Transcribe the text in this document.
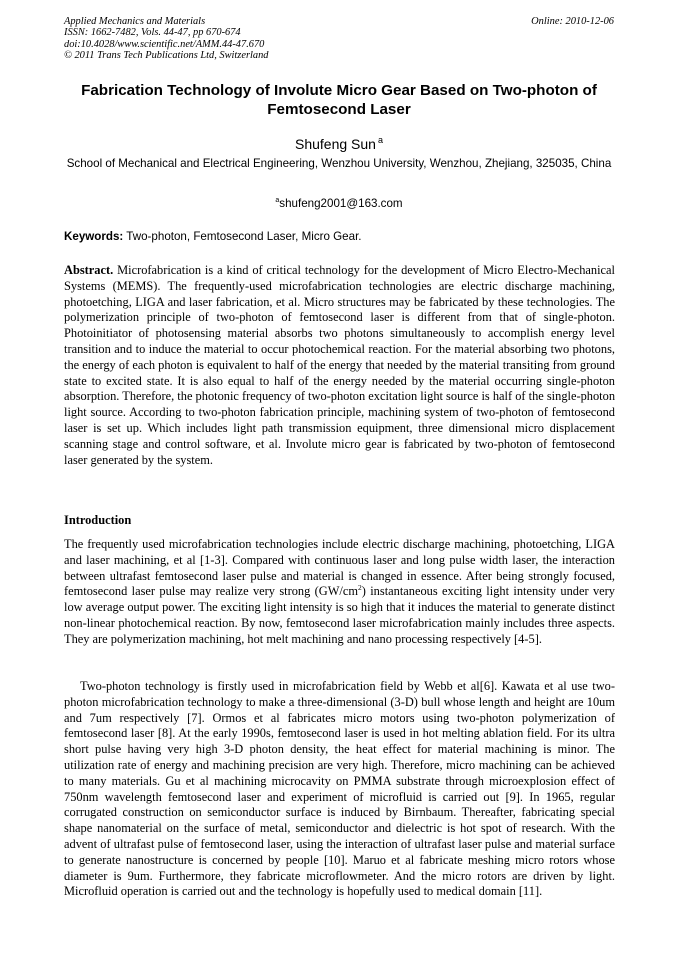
Applied Mechanics and Materials
ISSN: 1662-7482, Vols. 44-47, pp 670-674
doi:10.4028/www.scientific.net/AMM.44-47.670
© 2011 Trans Tech Publications Ltd, Switzerland
Online: 2010-12-06
Fabrication Technology of Involute Micro Gear Based on Two-photon of Femtosecond Laser
Shufeng Sun $^a$
School of Mechanical and Electrical Engineering, Wenzhou University, Wenzhou, Zhejiang, 325035, China
$^a$shufeng2001@163.com
Keywords: Two-photon, Femtosecond Laser, Micro Gear.

Abstract. Microfabrication is a kind of critical technology for the development of Micro Electro-Mechanical Systems (MEMS). The frequently-used microfabrication technologies are electric discharge machining, photoetching, LIGA and laser fabrication, et al. Micro structures may be fabricated by these technologies. The polymerization principle of two-photon of femtosecond laser is different from that of single-photon. Photoinitiator of photosensing material absorbs two photons simultaneously to accomplish energy level transition and to induce the material to occur photochemical reaction. For the material absorbing two photons, the energy of each photon is equivalent to half of the energy that needed by the material transiting from ground state to excited state. It is also equal to half of the energy needed by the material occurring single-photon absorption. Therefore, the photonic frequency of two-photon excitation light source is half of the single-photon light source. According to two-photon fabrication principle, machining system of two-photon of femtosecond laser is set up. Which includes light path transmission equipment, three dimensional micro displacement scanning stage and control software, et al. Involute micro gear is fabricated by two-photon of femtosecond laser generated by the system.

Introduction

The frequently used microfabrication technologies include electric discharge machining, photoetching, LIGA and laser machining, et al [1-3]. Compared with continuous laser and long pulse width laser, the interaction between ultrafast femtosecond laser pulse and material is changed in essence. After being strongly focused, femtosecond laser pulse may realize very strong $(GW/cm^2)$ instantaneous exciting light intensity under very low average output power. The exciting light intensity is so high that it induces the material to generate distinct non-linear photochemical reaction. By now, femtosecond laser microfabrication mainly includes three aspects. They are polymerization machining, hot melt machining and nano processing respectively [4-5].

Two-photon technology is firstly used in microfabrication field by Webb et al[6]. Kawata et al use two-photon microfabrication technology to make a three-dimensional (3-D) bull whose length and height are 10um and 7um respectively [7]. Ormos et al fabricates micro motors using two-photon polymerization of femtosecond laser [8]. At the early 1990s, femtosecond laser is used in hot melting ablation field. For its ultra short pulse having very high 3-D photon density, the heat effect for material machining is minor. The utilization rate of energy and machining precision are very high. Therefore, micro machining can be achieved to many materials. Gu et al machining microcavity on PMMA substrate through microexplosion effect of 750nm wavelength femtosecond laser and experiment of microfluid is carried out [9]. In 1965, regular corrugated construction on semiconductor surface is induced by Birnbaum. Thereafter, fabricating special shape nanomaterial on the surface of metal, semiconductor and dielectric is hot spot of research. With the advent of ultrafast pulse of femtosecond laser, using the interaction of ultrafast laser pulse and material surface to generate nanostructure is concerned by people [10]. Maruo et al fabricate meshing micro rotors whose diameter is 9um. Furthermore, they fabricate microflowmeter. And the micro rotors are driven by light. Microfluid operation is carried out and the technology is hopefully used to medical domain [11].
